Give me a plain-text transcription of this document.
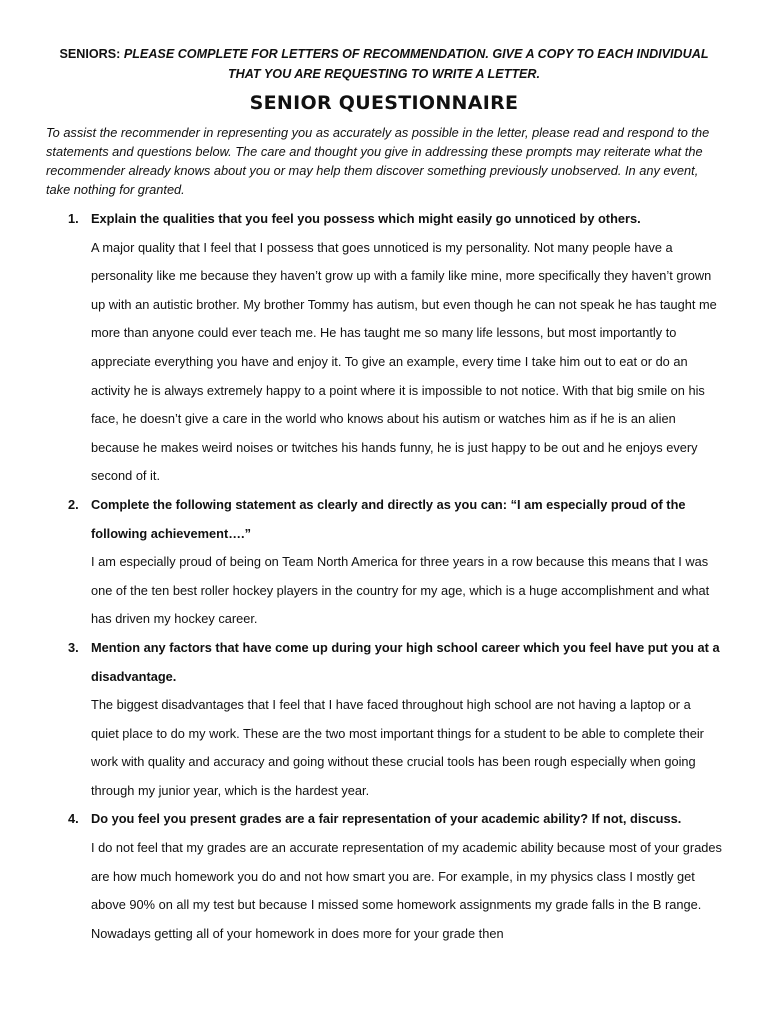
SENIORS: PLEASE COMPLETE FOR LETTERS OF RECOMMENDATION. GIVE A COPY TO EACH INDIVIDUAL THAT YOU ARE REQUESTING TO WRITE A LETTER.

SENIOR QUESTIONNAIRE

To assist the recommender in representing you as accurately as possible in the letter, please read and respond to the statements and questions below. The care and thought you give in addressing these prompts may reiterate what the recommender already knows about you or may help them discover something previously unobserved. In any event, take nothing for granted.

1. Explain the qualities that you feel you possess which might easily go unnoticed by others.

A major quality that I feel that I possess that goes unnoticed is my personality. Not many people have a personality like me because they haven’t grow up with a family like mine, more specifically they haven’t grown up with an autistic brother. My brother Tommy has autism, but even though he can not speak he has taught me more than anyone could ever teach me. He has taught me so many life lessons, but most importantly to appreciate everything you have and enjoy it. To give an example, every time I take him out to eat or do an activity he is always extremely happy to a point where it is impossible to not notice. With that big smile on his face, he doesn’t give a care in the world who knows about his autism or watches him as if he is an alien because he makes weird noises or twitches his hands funny, he is just happy to be out and he enjoys every second of it.

2. Complete the following statement as clearly and directly as you can: “I am especially proud of the following achievement….”

I am especially proud of being on Team North America for three years in a row because this means that I was one of the ten best roller hockey players in the country for my age, which is a huge accomplishment and what has driven my hockey career.

3. Mention any factors that have come up during your high school career which you feel have put you at a disadvantage.

The biggest disadvantages that I feel that I have faced throughout high school are not having a laptop or a quiet place to do my work. These are the two most important things for a student to be able to complete their work with quality and accuracy and going without these crucial tools has been rough especially when going through my junior year, which is the hardest year.

4. Do you feel you present grades are a fair representation of your academic ability? If not, discuss.

I do not feel that my grades are an accurate representation of my academic ability because most of your grades are how much homework you do and not how smart you are. For example, in my physics class I mostly get above 90% on all my test but because I missed some homework assignments my grade falls in the B range. Nowadays getting all of your homework in does more for your grade then
